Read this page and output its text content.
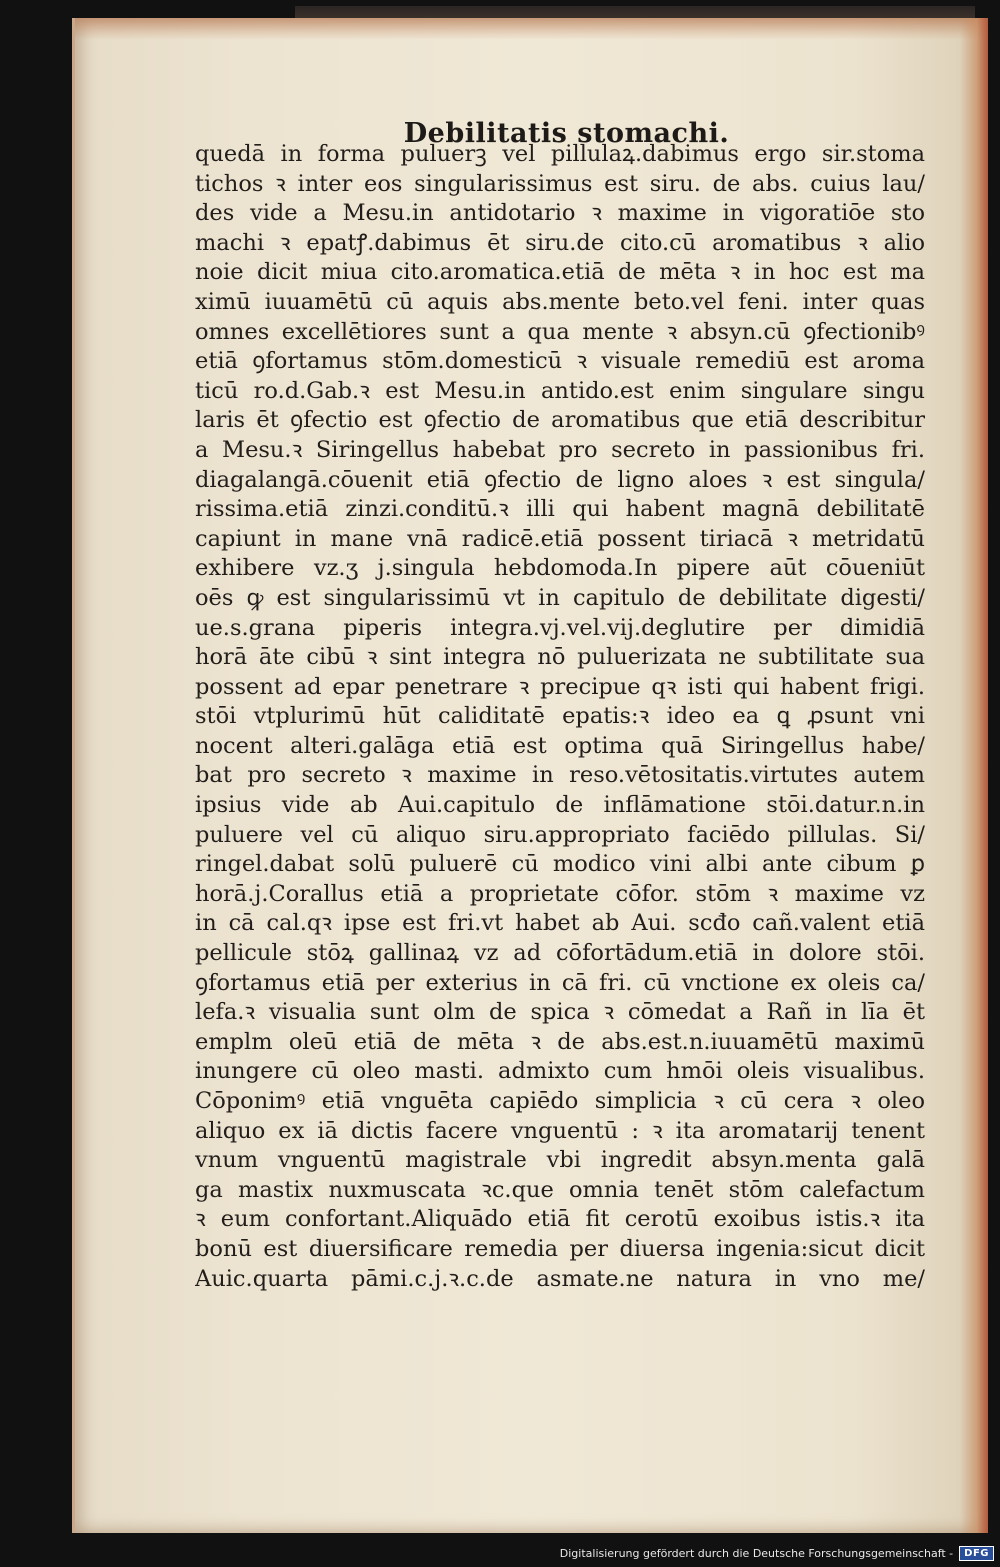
Debilitatis stomachi.
quedā in forma puluerꝫ vel pillulaꝝ.dabimus ergo sir.stoma
tichos ꝛ inter eos singularissimus est siru. de abs. cuius lau/
des vide a Mesu.in antidotario ꝛ maxime in vigoratiōe sto
machi ꝛ epatꝭ.dabimus ēt siru.de cito.cū aromatibus ꝛ alio
noie dicit miua cito.aromatica.etiā de mēta ꝛ in hoc est ma
ximū iuuamētū cū aquis abs.mente beto.vel feni. inter quas
omnes excellētiores sunt a qua mente ꝛ absyn.cū ꝯfectionibꝰ
etiā ꝯfortamus stōm.domesticū ꝛ visuale remediū est aroma
ticū ro.d.Gab.ꝛ est Mesu.in antido.est enim singulare singu
laris ēt ꝯfectio est ꝯfectio de aromatibus que etiā describitur
a Mesu.ꝛ Siringellus habebat pro secreto in passionibus fri.
diagalangā.cōuenit etiā ꝯfectio de ligno aloes ꝛ est singula/
rissima.etiā zinzi.conditū.ꝛ illi qui habent magnā debilitatē
capiunt in mane vnā radicē.etiā possent tiriacā ꝛ metridatū
exhibere vz.ʒ j.singula hebdomoda.In pipere aūt cōueniūt
oēs ꝙ est singularissimū vt in capitulo de debilitate digesti/
ue.s.grana piperis integra.vj.vel.vij.deglutire per dimidiā
horā āte cibū ꝛ sint integra nō puluerizata ne subtilitate sua
possent ad epar penetrare ꝛ precipue qꝛ isti qui habent frigi.
stōi vtplurimū hūt caliditatē epatis:ꝛ ideo ea ꝗ ꝓsunt vni
nocent alteri.galāga etiā est optima quā Siringellus habe/
bat pro secreto ꝛ maxime in reso.vētositatis.virtutes autem
ipsius vide ab Aui.capitulo de inflāmatione stōi.datur.n.in
puluere vel cū aliquo siru.appropriato faciēdo pillulas. Si/
ringel.dabat solū puluerē cū modico vini albi ante cibum ꝑ
horā.j.Corallus etiā a proprietate cōfor. stōm ꝛ maxime vz
in cā cal.qꝛ ipse est fri.vt habet ab Aui. scđo cañ.valent etiā
pellicule stōꝝ gallinaꝝ vz ad cōfortādum.etiā in dolore stōi.
ꝯfortamus etiā per exterius in cā fri. cū vnctione ex oleis ca/
lefa.ꝛ visualia sunt olm de spica ꝛ cōmedat a Rañ in līa ēt
emplm oleū etiā de mēta ꝛ de abs.est.n.iuuamētū maximū
inungere cū oleo masti. admixto cum hmōi oleis visualibus.
Cōponimꝰ etiā vnguēta capiēdo simplicia ꝛ cū cera ꝛ oleo
aliquo ex iā dictis facere vnguentū : ꝛ ita aromatarij tenent
vnum vnguentū magistrale vbi ingredit absyn.menta galā
ga mastix nuxmuscata ꝛc.que omnia tenēt stōm calefactum
ꝛ eum confortant.Aliquādo etiā fit cerotū exoibus istis.ꝛ ita
bonū est diuersificare remedia per diuersa ingenia:sicut dicit
Auic.quarta pāmi.c.j.ꝛ.c.de asmate.ne natura in vno me/
Digitalisierung gefördert durch die Deutsche Forschungsgemeinschaft -	DFG
